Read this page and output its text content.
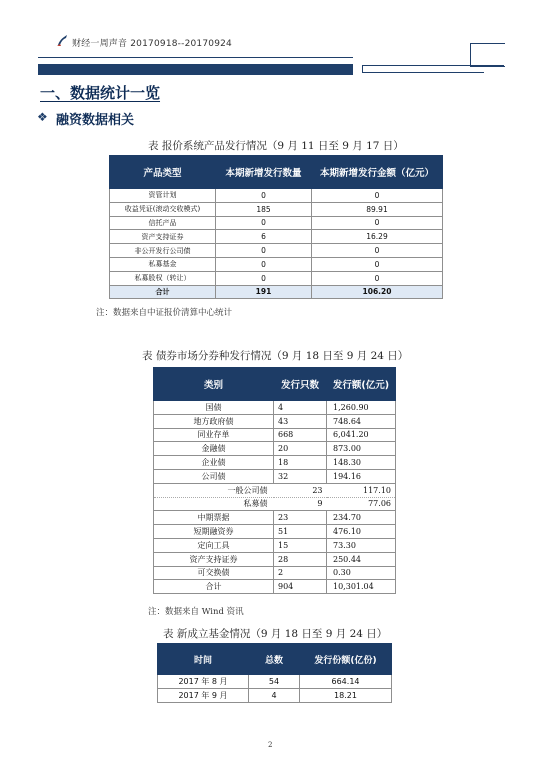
财经一周声音 20170918--20170924
一、数据统计一览
❖ 融资数据相关
表 报价系统产品发行情况（9 月 11 日至 9 月 17 日）
产品类型	本期新增发行数量	本期新增发行金额（亿元）
资管计划	0	0
收益凭证(滚动交收模式)	185	89.91
信托产品	0	0
资产支持证券	6	16.29
非公开发行公司债	0	0
私募基金	0	0
私募股权（转让）	0	0
合计	191	106.20
注：数据来自中证报价清算中心统计
表 债券市场分券种发行情况（9 月 18 日至 9 月 24 日）
类别	发行只数	发行额(亿元)
国债	4	1,260.90
地方政府债	43	748.64
同业存单	668	6,041.20
金融债	20	873.00
企业债	18	148.30
公司债	32	194.16
一般公司债	23	117.10
私募债	9	77.06
中期票据	23	234.70
短期融资券	51	476.10
定向工具	15	73.30
资产支持证券	28	250.44
可交换债	2	0.30
合计	904	10,301.04
注：数据来自 Wind 资讯
表 新成立基金情况（9 月 18 日至 9 月 24 日）
时间	总数	发行份额(亿份)
2017 年 8 月	54	664.14
2017 年 9 月	4	18.21
2
